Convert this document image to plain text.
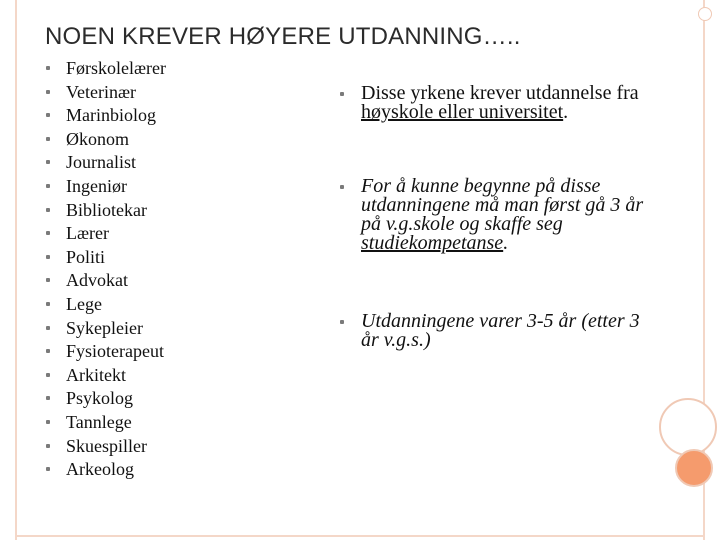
NOEN KREVER HØYERE UTDANNING…..
Førskolelærer
Veterinær
Marinbiolog
Økonom
Journalist
Ingeniør
Bibliotekar
Lærer
Politi
Advokat
Lege
Sykepleier
Fysioterapeut
Arkitekt
Psykolog
Tannlege
Skuespiller
Arkeolog
Disse yrkene krever utdannelse fra høyskole eller universitet.
For å kunne begynne på disse utdanningene må man først gå 3 år på v.g.skole og skaffe seg studiekompetanse.
Utdanningene varer 3-5 år (etter 3 år v.g.s.)
